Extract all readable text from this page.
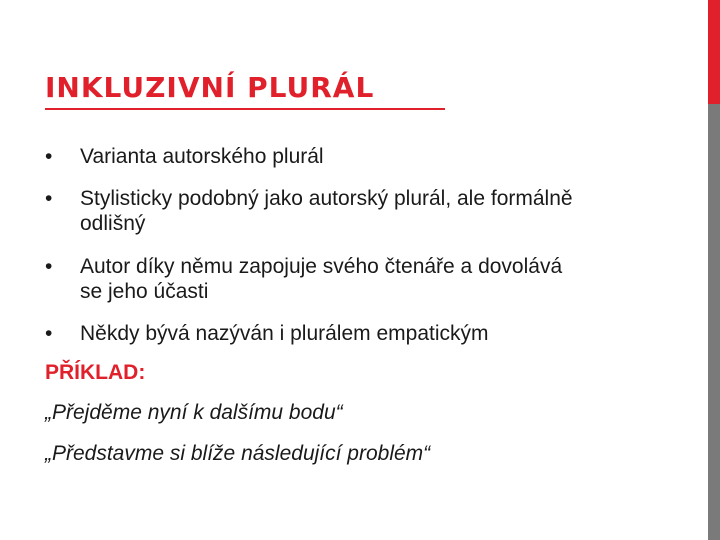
INKLUZIVNÍ PLURÁL
•	Varianta autorského plurál
•	Stylisticky podobný jako autorský plurál, ale formálně odlišný
•	Autor díky němu zapojuje svého čtenáře a dovolává se jeho účasti
•	Někdy bývá nazýván i plurálem empatickým
PŘÍKLAD:
„Přejděme nyní k dalšímu bodu“
„Představme si blíže následující problém“
